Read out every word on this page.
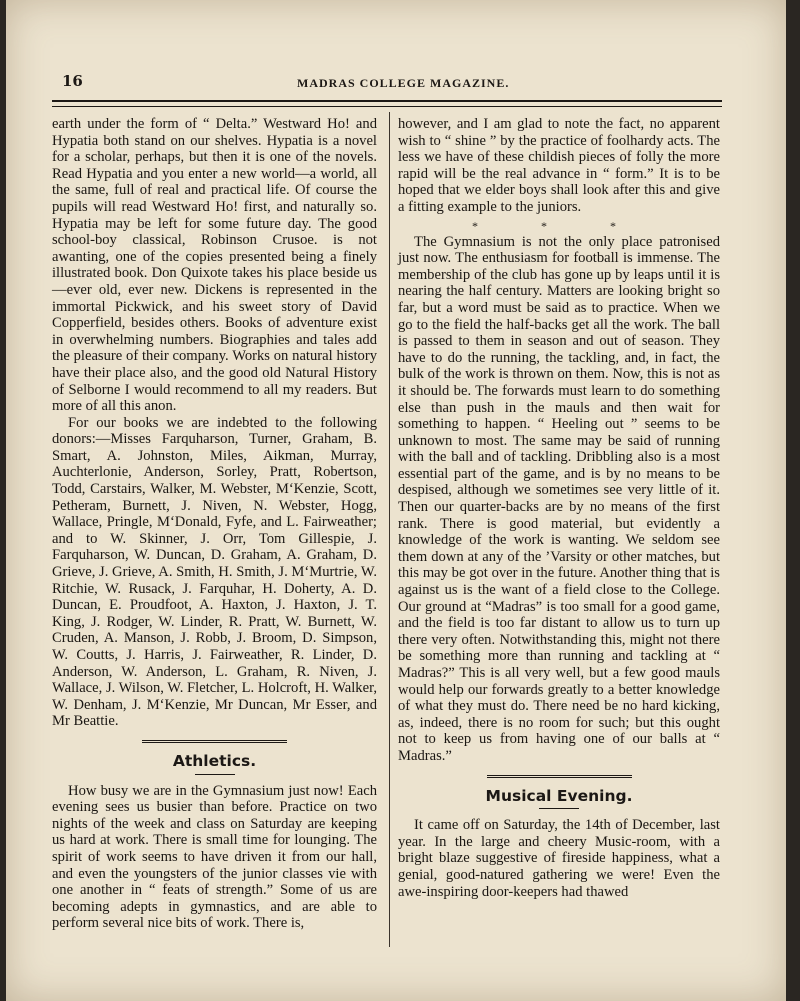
16	MADRAS COLLEGE MAGAZINE.

earth under the form of “ Delta.” Westward Ho! and Hypatia both stand on our shelves. Hypatia is a novel for a scholar, perhaps, but then it is one of the novels. Read Hypatia and you enter a new world—a world, all the same, full of real and practical life. Of course the pupils will read Westward Ho! first, and naturally so. Hypatia may be left for some future day. The good school-boy classical, Robinson Crusoe. is not awanting, one of the copies presented being a finely illustrated book. Don Quixote takes his place beside us—ever old, ever new. Dickens is represented in the immortal Pickwick, and his sweet story of David Copperfield, besides others. Books of adventure exist in overwhelming numbers. Biographies and tales add the pleasure of their company. Works on natural history have their place also, and the good old Natural History of Selborne I would recommend to all my readers. But more of all this anon.

For our books we are indebted to the following donors:—Misses Farquharson, Turner, Graham, B. Smart, A. Johnston, Miles, Aikman, Murray, Auchterlonie, Anderson, Sorley, Pratt, Robertson, Todd, Carstairs, Walker, M. Webster, M‘Kenzie, Scott, Petheram, Burnett, J. Niven, N. Webster, Hogg, Wallace, Pringle, M‘Donald, Fyfe, and L. Fairweather; and to W. Skinner, J. Orr, Tom Gillespie, J. Farquharson, W. Duncan, D. Graham, A. Graham, D. Grieve, J. Grieve, A. Smith, H. Smith, J. M‘Murtrie, W. Ritchie, W. Rusack, J. Farquhar, H. Doherty, A. D. Duncan, E. Proudfoot, A. Haxton, J. Haxton, J. T. King, J. Rodger, W. Linder, R. Pratt, W. Burnett, W. Cruden, A. Manson, J. Robb, J. Broom, D. Simpson, W. Coutts, J. Harris, J. Fairweather, R. Linder, D. Anderson, W. Anderson, L. Graham, R. Niven, J. Wallace, J. Wilson, W. Fletcher, L. Holcroft, H. Walker, W. Denham, J. M‘Kenzie, Mr Duncan, Mr Esser, and Mr Beattie.

Athletics.

How busy we are in the Gymnasium just now! Each evening sees us busier than before. Practice on two nights of the week and class on Saturday are keeping us hard at work. There is small time for lounging. The spirit of work seems to have driven it from our hall, and even the youngsters of the junior classes vie with one another in “ feats of strength.” Some of us are becoming adepts in gymnastics, and are able to perform several nice bits of work. There is,

however, and I am glad to note the fact, no apparent wish to “ shine ” by the practice of foolhardy acts. The less we have of these childish pieces of folly the more rapid will be the real advance in “ form.” It is to be hoped that we elder boys shall look after this and give a fitting example to the juniors.

* * *

The Gymnasium is not the only place patronised just now. The enthusiasm for football is immense. The membership of the club has gone up by leaps until it is nearing the half century. Matters are looking bright so far, but a word must be said as to practice. When we go to the field the half-backs get all the work. The ball is passed to them in season and out of season. They have to do the running, the tackling, and, in fact, the bulk of the work is thrown on them. Now, this is not as it should be. The forwards must learn to do something else than push in the mauls and then wait for something to happen. “ Heeling out ” seems to be unknown to most. The same may be said of running with the ball and of tackling. Dribbling also is a most essential part of the game, and is by no means to be despised, although we sometimes see very little of it. Then our quarter-backs are by no means of the first rank. There is good material, but evidently a knowledge of the work is wanting. We seldom see them down at any of the ’Varsity or other matches, but this may be got over in the future. Another thing that is against us is the want of a field close to the College. Our ground at “Madras” is too small for a good game, and the field is too far distant to allow us to turn up there very often. Notwithstanding this, might not there be something more than running and tackling at “ Madras?” This is all very well, but a few good mauls would help our forwards greatly to a better knowledge of what they must do. There need be no hard kicking, as, indeed, there is no room for such; but this ought not to keep us from having one of our balls at “ Madras.”

Musical Evening.

It came off on Saturday, the 14th of December, last year. In the large and cheery Music-room, with a bright blaze suggestive of fireside happiness, what a genial, good-natured gathering we were! Even the awe-inspiring door-keepers had thawed
